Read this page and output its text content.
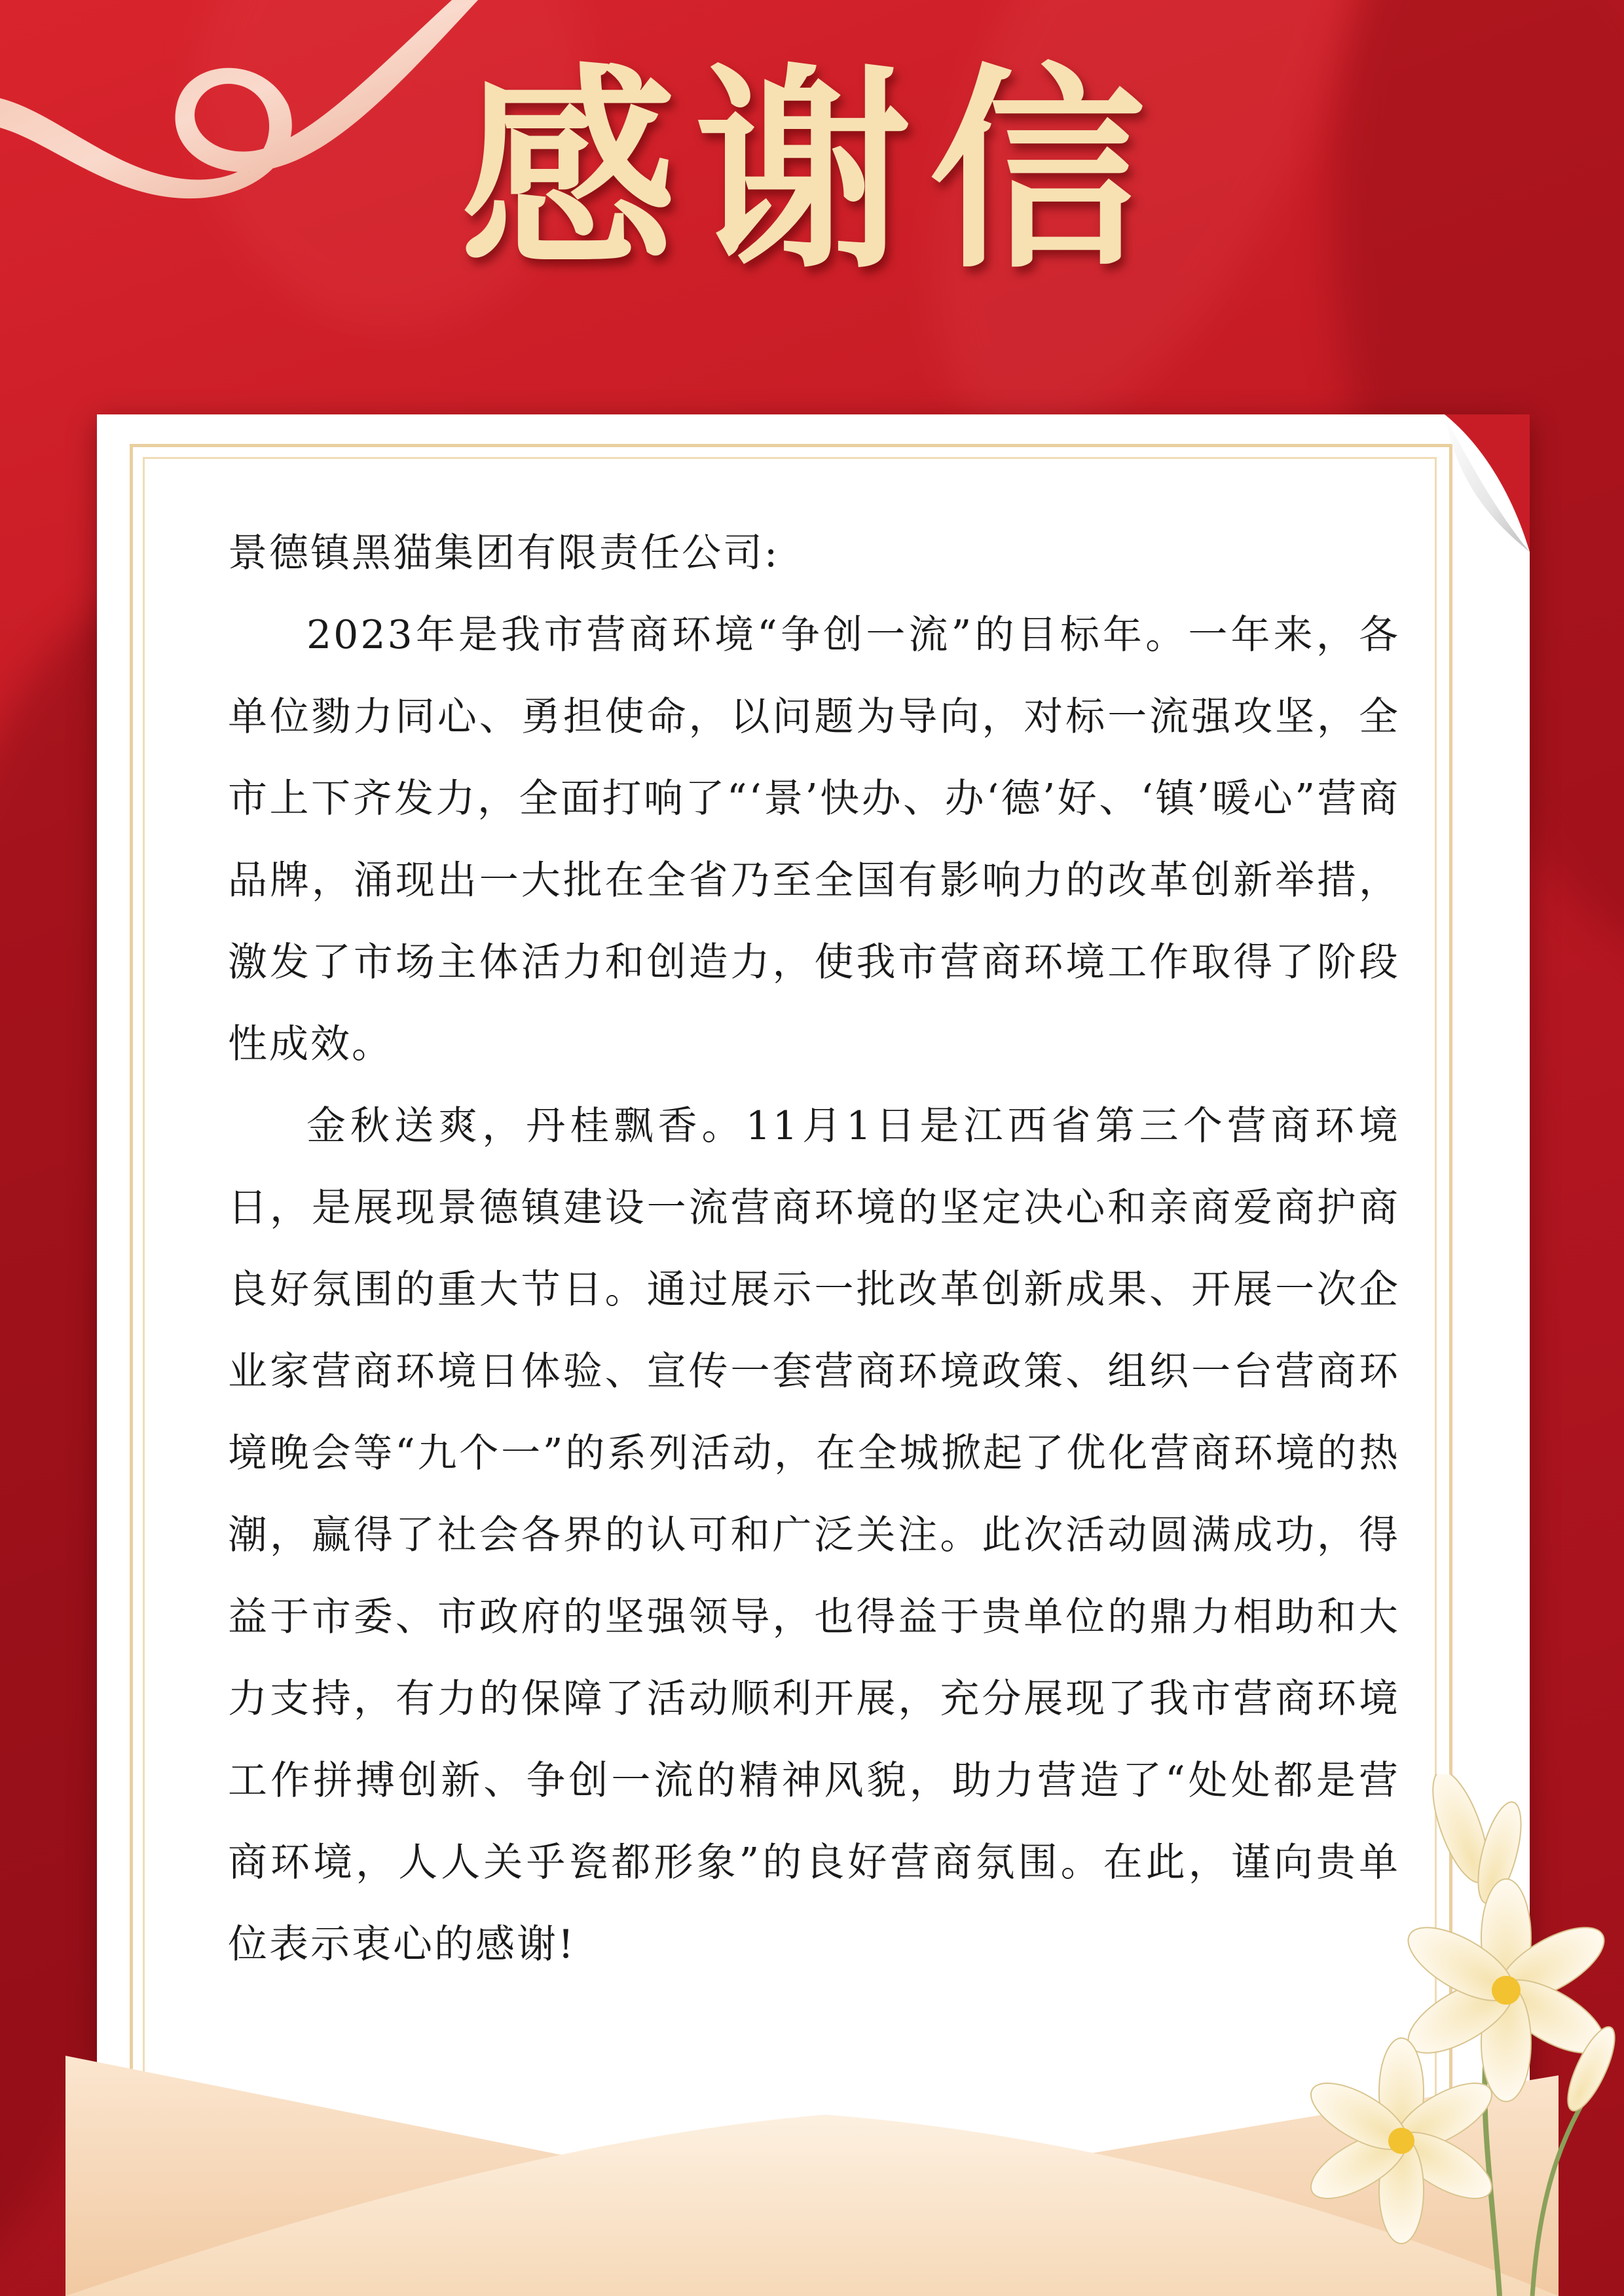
感谢信

景德镇黑猫集团有限责任公司:

2023年是我市营商环境“争创一流”的目标年。一年来，各单位勠力同心、勇担使命，以问题为导向，对标一流强攻坚，全市上下齐发力，全面打响了“‘景’快办、办‘德’好、‘镇’暖心”营商品牌，涌现出一大批在全省乃至全国有影响力的改革创新举措，激发了市场主体活力和创造力，使我市营商环境工作取得了阶段性成效。

金秋送爽，丹桂飘香。11月1日是江西省第三个营商环境日，是展现景德镇建设一流营商环境的坚定决心和亲商爱商护商良好氛围的重大节日。通过展示一批改革创新成果、开展一次企业家营商环境日体验、宣传一套营商环境政策、组织一台营商环境晚会等“九个一”的系列活动，在全城掀起了优化营商环境的热潮，赢得了社会各界的认可和广泛关注。此次活动圆满成功，得益于市委、市政府的坚强领导，也得益于贵单位的鼎力相助和大力支持，有力的保障了活动顺利开展，充分展现了我市营商环境工作拼搏创新、争创一流的精神风貌，助力营造了“处处都是营商环境，人人关乎瓷都形象”的良好营商氛围。在此，谨向贵单位表示衷心的感谢!
